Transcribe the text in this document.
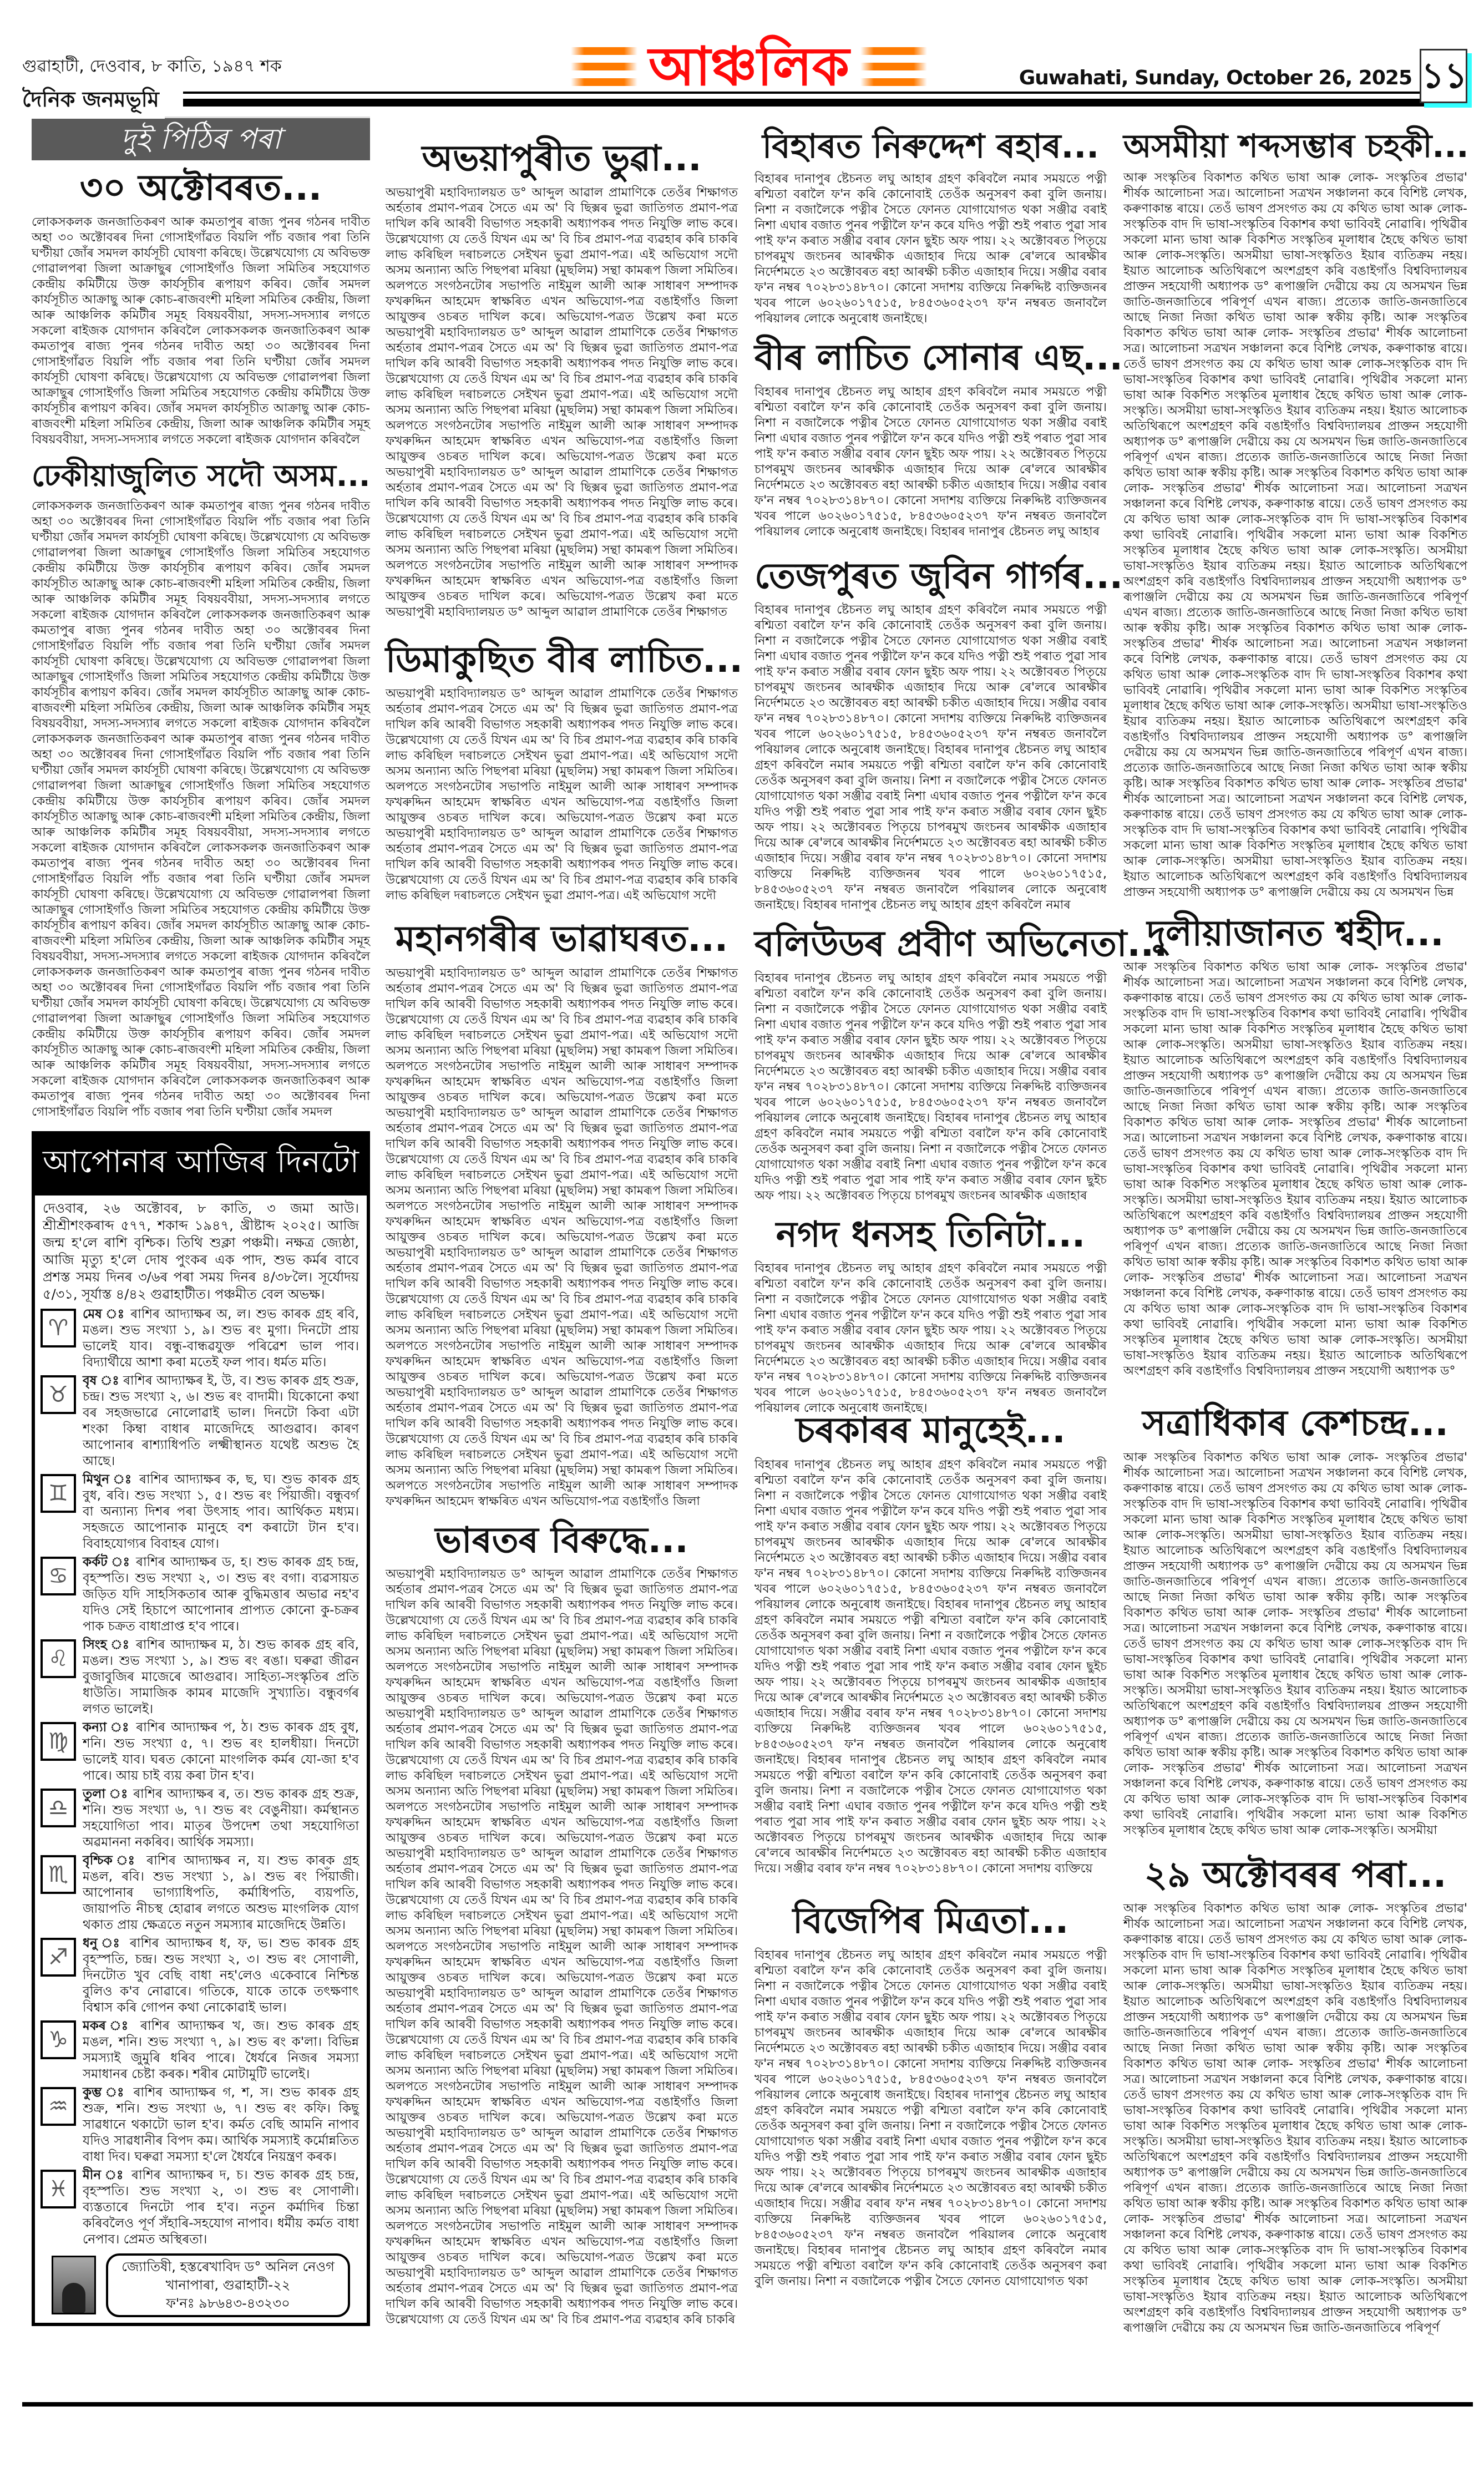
গুৱাহাটী, দেওবাৰ, ৮ কাতি, ১৯৪৭ শক
দৈনিক জনমভূমি
আঞ্চলিক	Guwahati, Sunday, October 26, 2025 ১১
দুই পিঠিৰ পৰা
৩০ অক্টোবৰত...
লোকসকলক জনজাতিকৰণ আৰু কমতাপুৰ ৰাজ্য পুনৰ গঠনৰ দাবীত অহা ৩০ অক্টোবৰৰ দিনা গোসাইগাঁৱত বিয়লি পাঁচ বজাৰ পৰা তিনি ঘণ্টীয়া জোঁৰ সমদল কাৰ্যসূচী ঘোষণা কৰিছে। উল্লেখযোগ্য যে অবিভক্ত গোৱালপৰা জিলা আক্ৰাছুৰ গোসাইগাঁও জিলা সমিতিৰ সহযোগত কেন্দ্ৰীয় কমিটীয়ে উক্ত কাৰ্যসূচীৰ ৰূপায়ণ কৰিব। জোঁৰ সমদল কাৰ্যসূচীত আক্ৰাছু আৰু কোচ-ৰাজবংশী মহিলা সমিতিৰ কেন্দ্ৰীয়, জিলা আৰু আঞ্চলিক কমিটীৰ সমূহ বিষয়ববীয়া, সদস্য-সদস্যাৰ লগতে সকলো ৰাইজক যোগদান কৰিবলৈ লোকসকলক জনজাতিকৰণ আৰু কমতাপুৰ ৰাজ্য পুনৰ গঠনৰ দাবীত অহা ৩০ অক্টোবৰৰ দিনা গোসাইগাঁৱত বিয়লি পাঁচ বজাৰ পৰা তিনি ঘণ্টীয়া জোঁৰ সমদল কাৰ্যসূচী ঘোষণা কৰিছে। উল্লেখযোগ্য যে অবিভক্ত গোৱালপৰা জিলা আক্ৰাছুৰ গোসাইগাঁও জিলা সমিতিৰ সহযোগত কেন্দ্ৰীয় কমিটীয়ে উক্ত কাৰ্যসূচীৰ ৰূপায়ণ কৰিব। জোঁৰ সমদল কাৰ্যসূচীত আক্ৰাছু আৰু কোচ-ৰাজবংশী মহিলা সমিতিৰ কেন্দ্ৰীয়, জিলা আৰু আঞ্চলিক কমিটীৰ সমূহ বিষয়ববীয়া, সদস্য-সদস্যাৰ লগতে সকলো ৰাইজক যোগদান কৰিবলৈ
ঢেকীয়াজুলিত সদৌ অসম...
লোকসকলক জনজাতিকৰণ আৰু কমতাপুৰ ৰাজ্য পুনৰ গঠনৰ দাবীত অহা ৩০ অক্টোবৰৰ দিনা গোসাইগাঁৱত বিয়লি পাঁচ বজাৰ পৰা তিনি ঘণ্টীয়া জোঁৰ সমদল কাৰ্যসূচী ঘোষণা কৰিছে। উল্লেখযোগ্য যে অবিভক্ত গোৱালপৰা জিলা আক্ৰাছুৰ গোসাইগাঁও জিলা সমিতিৰ সহযোগত কেন্দ্ৰীয় কমিটীয়ে উক্ত কাৰ্যসূচীৰ ৰূপায়ণ কৰিব। জোঁৰ সমদল কাৰ্যসূচীত আক্ৰাছু আৰু কোচ-ৰাজবংশী মহিলা সমিতিৰ কেন্দ্ৰীয়, জিলা আৰু আঞ্চলিক কমিটীৰ সমূহ বিষয়ববীয়া, সদস্য-সদস্যাৰ লগতে সকলো ৰাইজক যোগদান কৰিবলৈ লোকসকলক জনজাতিকৰণ আৰু কমতাপুৰ ৰাজ্য পুনৰ গঠনৰ দাবীত অহা ৩০ অক্টোবৰৰ দিনা গোসাইগাঁৱত বিয়লি পাঁচ বজাৰ পৰা তিনি ঘণ্টীয়া জোঁৰ সমদল কাৰ্যসূচী ঘোষণা কৰিছে। উল্লেখযোগ্য যে অবিভক্ত গোৱালপৰা জিলা আক্ৰাছুৰ গোসাইগাঁও জিলা সমিতিৰ সহযোগত কেন্দ্ৰীয় কমিটীয়ে উক্ত কাৰ্যসূচীৰ ৰূপায়ণ কৰিব। জোঁৰ সমদল কাৰ্যসূচীত আক্ৰাছু আৰু কোচ-ৰাজবংশী মহিলা সমিতিৰ কেন্দ্ৰীয়, জিলা আৰু আঞ্চলিক কমিটীৰ সমূহ বিষয়ববীয়া, সদস্য-সদস্যাৰ লগতে সকলো ৰাইজক যোগদান কৰিবলৈ লোকসকলক জনজাতিকৰণ আৰু কমতাপুৰ ৰাজ্য পুনৰ গঠনৰ দাবীত অহা ৩০ অক্টোবৰৰ দিনা গোসাইগাঁৱত বিয়লি পাঁচ বজাৰ পৰা তিনি ঘণ্টীয়া জোঁৰ সমদল কাৰ্যসূচী ঘোষণা কৰিছে। উল্লেখযোগ্য যে অবিভক্ত গোৱালপৰা জিলা আক্ৰাছুৰ গোসাইগাঁও জিলা সমিতিৰ সহযোগত কেন্দ্ৰীয় কমিটীয়ে উক্ত কাৰ্যসূচীৰ ৰূপায়ণ কৰিব। জোঁৰ সমদল কাৰ্যসূচীত আক্ৰাছু আৰু কোচ-ৰাজবংশী মহিলা সমিতিৰ কেন্দ্ৰীয়, জিলা আৰু আঞ্চলিক কমিটীৰ সমূহ বিষয়ববীয়া, সদস্য-সদস্যাৰ লগতে সকলো ৰাইজক যোগদান কৰিবলৈ লোকসকলক জনজাতিকৰণ আৰু কমতাপুৰ ৰাজ্য পুনৰ গঠনৰ দাবীত অহা ৩০ অক্টোবৰৰ দিনা গোসাইগাঁৱত বিয়লি পাঁচ বজাৰ পৰা তিনি ঘণ্টীয়া জোঁৰ সমদল কাৰ্যসূচী ঘোষণা কৰিছে। উল্লেখযোগ্য যে অবিভক্ত গোৱালপৰা জিলা আক্ৰাছুৰ গোসাইগাঁও জিলা সমিতিৰ সহযোগত কেন্দ্ৰীয় কমিটীয়ে উক্ত কাৰ্যসূচীৰ ৰূপায়ণ কৰিব। জোঁৰ সমদল কাৰ্যসূচীত আক্ৰাছু আৰু কোচ-ৰাজবংশী মহিলা সমিতিৰ কেন্দ্ৰীয়, জিলা আৰু আঞ্চলিক কমিটীৰ সমূহ বিষয়ববীয়া, সদস্য-সদস্যাৰ লগতে সকলো ৰাইজক যোগদান কৰিবলৈ লোকসকলক জনজাতিকৰণ আৰু কমতাপুৰ ৰাজ্য পুনৰ গঠনৰ দাবীত অহা ৩০ অক্টোবৰৰ দিনা গোসাইগাঁৱত বিয়লি পাঁচ বজাৰ পৰা তিনি ঘণ্টীয়া জোঁৰ সমদল কাৰ্যসূচী ঘোষণা কৰিছে। উল্লেখযোগ্য যে অবিভক্ত গোৱালপৰা জিলা আক্ৰাছুৰ গোসাইগাঁও জিলা সমিতিৰ সহযোগত কেন্দ্ৰীয় কমিটীয়ে উক্ত কাৰ্যসূচীৰ ৰূপায়ণ কৰিব। জোঁৰ সমদল কাৰ্যসূচীত আক্ৰাছু আৰু কোচ-ৰাজবংশী মহিলা সমিতিৰ কেন্দ্ৰীয়, জিলা আৰু আঞ্চলিক কমিটীৰ সমূহ বিষয়ববীয়া, সদস্য-সদস্যাৰ লগতে সকলো ৰাইজক যোগদান কৰিবলৈ লোকসকলক জনজাতিকৰণ আৰু কমতাপুৰ ৰাজ্য পুনৰ গঠনৰ দাবীত অহা ৩০ অক্টোবৰৰ দিনা গোসাইগাঁৱত বিয়লি পাঁচ বজাৰ পৰা তিনি ঘণ্টীয়া জোঁৰ সমদল
আপোনাৰ আজিৰ দিনটো
দেওবাৰ, ২৬ অক্টোবৰ, ৮ কাতি, ৩ জমা আউ। শ্ৰীশ্ৰীশংকৰাব্দ ৫৭৭, শকাব্দ ১৯৪৭, খ্ৰীষ্টাব্দ ২০২৫। আজি জন্ম হ'লে ৰাশি বৃশ্চিক। তিথি শুক্লা পঞ্চমী। নক্ষত্ৰ জ্যেষ্ঠা, আজি মৃত্যু হ'লে দোষ পুংকৰ এক পাদ, শুভ কৰ্মৰ বাবে প্ৰশস্ত সময় দিনৰ ৩/৬ৰ পৰা সময় দিনৰ ৪/৩৮লৈ। সূৰ্যোদয় ৫/৩১, সূৰ্যাস্ত ৪/৪২ গুৱাহাটীত। পঞ্চমীত বেল অভক্ষ।
♈
মেষ ঃ ৰাশিৰ আদ্যাক্ষৰ অ, ল। শুভ কাৰক গ্ৰহ ৰবি, মঙল। শুভ সংখ্যা ১, ৯। শুভ ৰং মুগা। দিনটো প্ৰায় ভালেই যাব। বন্ধু-বান্ধৱযুক্ত পৰিৱেশ ভাল পাব। বিদ্যাৰ্থীয়ে আশা কৰা মতেই ফল পাব। ধৰ্মত মতি।
♉
বৃষ ঃ ৰাশিৰ আদ্যাক্ষৰ ই, উ, ব। শুভ কাৰক গ্ৰহ শুক্ৰ, চন্দ্ৰ। শুভ সংখ্যা ২, ৬। শুভ ৰং বাদামী। যিকোনো কথা বৰ সহজভাৱে নোলোৱাই ভাল। দিনটো কিবা এটা শংকা কিম্বা বাধাৰ মাজেদিহে আগুৱাব। কাৰণ আপোনাৰ ৰাশ্যাধিপতি লক্ষ্মীস্থানত যথেষ্ট অশুভ হৈ আছে।
♊
মিথুন ঃ ৰাশিৰ আদ্যাক্ষৰ ক, ছ, ঘ। শুভ কাৰক গ্ৰহ বুধ, ৰবি। শুভ সংখ্যা ১, ৫। শুভ ৰং পিঁয়াজী। বন্ধুবৰ্গ বা অন্যান্য দিশৰ পৰা উৎসাহ পাব। আৰ্থিকত মধ্যম। সহজতে আপোনাক মানুহে বশ কৰাটো টান হ'ব। বিবাহযোগ্যৰ বিবাহৰ যোগ।
♋
কৰ্কট ঃ ৰাশিৰ আদ্যাক্ষৰ ড, হ। শুভ কাৰক গ্ৰহ চন্দ্ৰ, বৃহস্পতি। শুভ সংখ্যা ২, ৩। শুভ ৰং বগা। ব্যৱসায়ত জড়িত যদি সাহসিকতাৰ আৰু বুদ্ধিমত্তাৰ অভাৱ নহ'ব যদিও সেই হিচাপে আপোনাৰ প্ৰাপ্যত কোনো কু-চক্ৰৰ পাক চক্ৰত বাধাপ্ৰাপ্ত হ'ব পাৰে।
♌
সিংহ ঃ ৰাশিৰ আদ্যাক্ষৰ ম, ঠ। শুভ কাৰক গ্ৰহ ৰবি, মঙল। শুভ সংখ্যা ১, ৯। শুভ ৰং ৰঙা। ঘৰুৱা জীৱন বুজাবুজিৰ মাজেৰে আগুৱাব। সাহিত্য-সংস্কৃতিৰ প্ৰতি ধাউতি। সামাজিক কামৰ মাজেদি সুখ্যাতি। বন্ধুবৰ্গৰ লগত ভালেই।
♍
কন্যা ঃ ৰাশিৰ আদ্যাক্ষৰ প, ঠ। শুভ কাৰক গ্ৰহ বুধ, শনি। শুভ সংখ্যা ৫, ৭। শুভ ৰং হালধীয়া। দিনটো ভালেই যাব। ঘৰত কোনো মাংগলিক কৰ্মৰ যো-জা হ'ব পাৰে। আয় চাই ব্যয় কৰা টান হ'ব।
♎
তুলা ঃ ৰাশিৰ আদ্যাক্ষৰ ৰ, ত। শুভ কাৰক গ্ৰহ শুক্ৰ, শনি। শুভ সংখ্যা ৬, ৭। শুভ ৰং বেঙুনীয়া। কৰ্মস্থানত সহযোগিতা পাব। মাতৃৰ উপদেশ তথা সহযোগিতা অৱমাননা নকৰিব। আৰ্থিক সমস্যা।
♏
বৃশ্চিক ঃ ৰাশিৰ আদ্যাক্ষৰ ন, য। শুভ কাৰক গ্ৰহ মঙল, ৰবি। শুভ সংখ্যা ১, ৯। শুভ ৰং পিঁয়াজী। আপোনাৰ ভাগ্যাধিপতি, কৰ্মাধিপতি, ব্যয়পতি, জায়াপতি নীচস্থ হোৱাৰ লগতে অশুভ মাংগলিক যোগ থকাত প্ৰায় ক্ষেত্ৰতে নতুন সমস্যাৰ মাজেদিহে উন্নতি।
♐
ধনু ঃ ৰাশিৰ আদ্যাক্ষৰ ধ, ফ, ভ। শুভ কাৰক গ্ৰহ বৃহস্পতি, চন্দ্ৰ। শুভ সংখ্যা ২, ৩। শুভ ৰং সোণালী, দিনটোত খুব বেছি বাধা নহ'লেও একেবাৰে নিশ্চিন্ত বুলিও ক'ব নোৱাৰে। গতিকে, যাকে তাকে তৎক্ষণাৎ বিশ্বাস কৰি গোপন কথা নোকোৱাই ভাল।
♑
মকৰ ঃ ৰাশিৰ আদ্যাক্ষৰ খ, জ। শুভ কাৰক গ্ৰহ মঙল, শনি। শুভ সংখ্যা ৭, ৯। শুভ ৰং ক'লা। বিভিন্ন সমস্যাই জুমুৰি ধৰিব পাৰে। ধৈৰ্যৰে নিজৰ সমস্যা সমাধানৰ চেষ্টা কৰক। শৰীৰ মোটামুটি ভালেই।
♒
কুম্ভ ঃ ৰাশিৰ আদ্যাক্ষৰ গ, শ, স। শুভ কাৰক গ্ৰহ শুক্ৰ, শনি। শুভ সংখ্যা ৬, ৭। শুভ ৰং কফি। কিছু সাৱধানে থকাটো ভাল হ'ব। কৰ্মত বেছি আমনি নাপাব যদিও সাৱধানীৰ বিপদ কম। আৰ্থিক সমস্যাই কৰ্মোন্নতিত বাধা দিব। ঘৰুৱা সমস্যা হ'লে ধৈৰ্যৰে নিয়ন্ত্ৰণ কৰক।
♓
মীন ঃ ৰাশিৰ আদ্যাক্ষৰ দ, চ। শুভ কাৰক গ্ৰহ চন্দ্ৰ, বৃহস্পতি। শুভ সংখ্যা ২, ৩। শুভ ৰং সোণালী। ব্যস্ততাৰে দিনটো পাৰ হ'ব। নতুন কৰ্মাদিৰ চিন্তা কৰিবলৈও পূৰ্ণ সঁহাৰি-সহযোগ নাপাব। ধৰ্মীয় কৰ্মত বাধা নেপাব। প্ৰেমত অস্থিৰতা।
জ্যোতিষী, হস্তৰেখাবিদ ড° অনিল নেওগ
খানাপাৰা, গুৱাহাটী-২২
ফ'নঃ ৯৮৬৪৩-৪৩২৩০
অভয়াপুৰীত ভুৱা...
অভয়াপুৰী মহাবিদ্যালয়ত ড° আব্দুল আৱাল প্ৰামাণিকে তেওঁৰ শিক্ষাগত অৰ্হতাৰ প্ৰমাণ-পত্ৰৰ সৈতে এম অ' বি ছিক্সৰ ভুৱা জাতিগত প্ৰমাণ-পত্ৰ দাখিল কৰি আৰবী বিভাগত সহকাৰী অধ্যাপকৰ পদত নিযুক্তি লাভ কৰে। উল্লেখযোগ্য যে তেওঁ যিখন এম অ' বি চিৰ প্ৰমাণ-পত্ৰ ব্যৱহাৰ কৰি চাকৰি লাভ কৰিছিল দৰাচলতে সেইখন ভুৱা প্ৰমাণ-পত্ৰ। এই অভিযোগ সদৌ অসম অন্যান্য অতি পিছপৰা মৰিয়া (মুছলিম) সন্থা কামৰূপ জিলা সমিতিৰ। অলপতে সংগঠনটোৰ সভাপতি নাইমুল আলী আৰু সাধাৰণ সম্পাদক ফখৰুদ্দিন আহমেদ স্বাক্ষৰিত এখন অভিযোগ-পত্ৰ বঙাইগাঁও জিলা আয়ুক্তৰ ওচৰত দাখিল কৰে। অভিযোগ-পত্ৰত উল্লেখ কৰা মতে অভয়াপুৰী মহাবিদ্যালয়ত ড° আব্দুল আৱাল প্ৰামাণিকে তেওঁৰ শিক্ষাগত অৰ্হতাৰ প্ৰমাণ-পত্ৰৰ সৈতে এম অ' বি ছিক্সৰ ভুৱা জাতিগত প্ৰমাণ-পত্ৰ দাখিল কৰি আৰবী বিভাগত সহকাৰী অধ্যাপকৰ পদত নিযুক্তি লাভ কৰে। উল্লেখযোগ্য যে তেওঁ যিখন এম অ' বি চিৰ প্ৰমাণ-পত্ৰ ব্যৱহাৰ কৰি চাকৰি লাভ কৰিছিল দৰাচলতে সেইখন ভুৱা প্ৰমাণ-পত্ৰ। এই অভিযোগ সদৌ অসম অন্যান্য অতি পিছপৰা মৰিয়া (মুছলিম) সন্থা কামৰূপ জিলা সমিতিৰ। অলপতে সংগঠনটোৰ সভাপতি নাইমুল আলী আৰু সাধাৰণ সম্পাদক ফখৰুদ্দিন আহমেদ স্বাক্ষৰিত এখন অভিযোগ-পত্ৰ বঙাইগাঁও জিলা আয়ুক্তৰ ওচৰত দাখিল কৰে। অভিযোগ-পত্ৰত উল্লেখ কৰা মতে অভয়াপুৰী মহাবিদ্যালয়ত ড° আব্দুল আৱাল প্ৰামাণিকে তেওঁৰ শিক্ষাগত অৰ্হতাৰ প্ৰমাণ-পত্ৰৰ সৈতে এম অ' বি ছিক্সৰ ভুৱা জাতিগত প্ৰমাণ-পত্ৰ দাখিল কৰি আৰবী বিভাগত সহকাৰী অধ্যাপকৰ পদত নিযুক্তি লাভ কৰে। উল্লেখযোগ্য যে তেওঁ যিখন এম অ' বি চিৰ প্ৰমাণ-পত্ৰ ব্যৱহাৰ কৰি চাকৰি লাভ কৰিছিল দৰাচলতে সেইখন ভুৱা প্ৰমাণ-পত্ৰ। এই অভিযোগ সদৌ অসম অন্যান্য অতি পিছপৰা মৰিয়া (মুছলিম) সন্থা কামৰূপ জিলা সমিতিৰ। অলপতে সংগঠনটোৰ সভাপতি নাইমুল আলী আৰু সাধাৰণ সম্পাদক ফখৰুদ্দিন আহমেদ স্বাক্ষৰিত এখন অভিযোগ-পত্ৰ বঙাইগাঁও জিলা আয়ুক্তৰ ওচৰত দাখিল কৰে। অভিযোগ-পত্ৰত উল্লেখ কৰা মতে অভয়াপুৰী মহাবিদ্যালয়ত ড° আব্দুল আৱাল প্ৰামাণিকে তেওঁৰ শিক্ষাগত
ডিমাকুছিত বীৰ লাচিত...
অভয়াপুৰী মহাবিদ্যালয়ত ড° আব্দুল আৱাল প্ৰামাণিকে তেওঁৰ শিক্ষাগত অৰ্হতাৰ প্ৰমাণ-পত্ৰৰ সৈতে এম অ' বি ছিক্সৰ ভুৱা জাতিগত প্ৰমাণ-পত্ৰ দাখিল কৰি আৰবী বিভাগত সহকাৰী অধ্যাপকৰ পদত নিযুক্তি লাভ কৰে। উল্লেখযোগ্য যে তেওঁ যিখন এম অ' বি চিৰ প্ৰমাণ-পত্ৰ ব্যৱহাৰ কৰি চাকৰি লাভ কৰিছিল দৰাচলতে সেইখন ভুৱা প্ৰমাণ-পত্ৰ। এই অভিযোগ সদৌ অসম অন্যান্য অতি পিছপৰা মৰিয়া (মুছলিম) সন্থা কামৰূপ জিলা সমিতিৰ। অলপতে সংগঠনটোৰ সভাপতি নাইমুল আলী আৰু সাধাৰণ সম্পাদক ফখৰুদ্দিন আহমেদ স্বাক্ষৰিত এখন অভিযোগ-পত্ৰ বঙাইগাঁও জিলা আয়ুক্তৰ ওচৰত দাখিল কৰে। অভিযোগ-পত্ৰত উল্লেখ কৰা মতে অভয়াপুৰী মহাবিদ্যালয়ত ড° আব্দুল আৱাল প্ৰামাণিকে তেওঁৰ শিক্ষাগত অৰ্হতাৰ প্ৰমাণ-পত্ৰৰ সৈতে এম অ' বি ছিক্সৰ ভুৱা জাতিগত প্ৰমাণ-পত্ৰ দাখিল কৰি আৰবী বিভাগত সহকাৰী অধ্যাপকৰ পদত নিযুক্তি লাভ কৰে। উল্লেখযোগ্য যে তেওঁ যিখন এম অ' বি চিৰ প্ৰমাণ-পত্ৰ ব্যৱহাৰ কৰি চাকৰি লাভ কৰিছিল দৰাচলতে সেইখন ভুৱা প্ৰমাণ-পত্ৰ। এই অভিযোগ সদৌ
মহানগৰীৰ ভাৱাঘৰত...
অভয়াপুৰী মহাবিদ্যালয়ত ড° আব্দুল আৱাল প্ৰামাণিকে তেওঁৰ শিক্ষাগত অৰ্হতাৰ প্ৰমাণ-পত্ৰৰ সৈতে এম অ' বি ছিক্সৰ ভুৱা জাতিগত প্ৰমাণ-পত্ৰ দাখিল কৰি আৰবী বিভাগত সহকাৰী অধ্যাপকৰ পদত নিযুক্তি লাভ কৰে। উল্লেখযোগ্য যে তেওঁ যিখন এম অ' বি চিৰ প্ৰমাণ-পত্ৰ ব্যৱহাৰ কৰি চাকৰি লাভ কৰিছিল দৰাচলতে সেইখন ভুৱা প্ৰমাণ-পত্ৰ। এই অভিযোগ সদৌ অসম অন্যান্য অতি পিছপৰা মৰিয়া (মুছলিম) সন্থা কামৰূপ জিলা সমিতিৰ। অলপতে সংগঠনটোৰ সভাপতি নাইমুল আলী আৰু সাধাৰণ সম্পাদক ফখৰুদ্দিন আহমেদ স্বাক্ষৰিত এখন অভিযোগ-পত্ৰ বঙাইগাঁও জিলা আয়ুক্তৰ ওচৰত দাখিল কৰে। অভিযোগ-পত্ৰত উল্লেখ কৰা মতে অভয়াপুৰী মহাবিদ্যালয়ত ড° আব্দুল আৱাল প্ৰামাণিকে তেওঁৰ শিক্ষাগত অৰ্হতাৰ প্ৰমাণ-পত্ৰৰ সৈতে এম অ' বি ছিক্সৰ ভুৱা জাতিগত প্ৰমাণ-পত্ৰ দাখিল কৰি আৰবী বিভাগত সহকাৰী অধ্যাপকৰ পদত নিযুক্তি লাভ কৰে। উল্লেখযোগ্য যে তেওঁ যিখন এম অ' বি চিৰ প্ৰমাণ-পত্ৰ ব্যৱহাৰ কৰি চাকৰি লাভ কৰিছিল দৰাচলতে সেইখন ভুৱা প্ৰমাণ-পত্ৰ। এই অভিযোগ সদৌ অসম অন্যান্য অতি পিছপৰা মৰিয়া (মুছলিম) সন্থা কামৰূপ জিলা সমিতিৰ। অলপতে সংগঠনটোৰ সভাপতি নাইমুল আলী আৰু সাধাৰণ সম্পাদক ফখৰুদ্দিন আহমেদ স্বাক্ষৰিত এখন অভিযোগ-পত্ৰ বঙাইগাঁও জিলা আয়ুক্তৰ ওচৰত দাখিল কৰে। অভিযোগ-পত্ৰত উল্লেখ কৰা মতে অভয়াপুৰী মহাবিদ্যালয়ত ড° আব্দুল আৱাল প্ৰামাণিকে তেওঁৰ শিক্ষাগত অৰ্হতাৰ প্ৰমাণ-পত্ৰৰ সৈতে এম অ' বি ছিক্সৰ ভুৱা জাতিগত প্ৰমাণ-পত্ৰ দাখিল কৰি আৰবী বিভাগত সহকাৰী অধ্যাপকৰ পদত নিযুক্তি লাভ কৰে। উল্লেখযোগ্য যে তেওঁ যিখন এম অ' বি চিৰ প্ৰমাণ-পত্ৰ ব্যৱহাৰ কৰি চাকৰি লাভ কৰিছিল দৰাচলতে সেইখন ভুৱা প্ৰমাণ-পত্ৰ। এই অভিযোগ সদৌ অসম অন্যান্য অতি পিছপৰা মৰিয়া (মুছলিম) সন্থা কামৰূপ জিলা সমিতিৰ। অলপতে সংগঠনটোৰ সভাপতি নাইমুল আলী আৰু সাধাৰণ সম্পাদক ফখৰুদ্দিন আহমেদ স্বাক্ষৰিত এখন অভিযোগ-পত্ৰ বঙাইগাঁও জিলা আয়ুক্তৰ ওচৰত দাখিল কৰে। অভিযোগ-পত্ৰত উল্লেখ কৰা মতে অভয়াপুৰী মহাবিদ্যালয়ত ড° আব্দুল আৱাল প্ৰামাণিকে তেওঁৰ শিক্ষাগত অৰ্হতাৰ প্ৰমাণ-পত্ৰৰ সৈতে এম অ' বি ছিক্সৰ ভুৱা জাতিগত প্ৰমাণ-পত্ৰ দাখিল কৰি আৰবী বিভাগত সহকাৰী অধ্যাপকৰ পদত নিযুক্তি লাভ কৰে। উল্লেখযোগ্য যে তেওঁ যিখন এম অ' বি চিৰ প্ৰমাণ-পত্ৰ ব্যৱহাৰ কৰি চাকৰি লাভ কৰিছিল দৰাচলতে সেইখন ভুৱা প্ৰমাণ-পত্ৰ। এই অভিযোগ সদৌ অসম অন্যান্য অতি পিছপৰা মৰিয়া (মুছলিম) সন্থা কামৰূপ জিলা সমিতিৰ। অলপতে সংগঠনটোৰ সভাপতি নাইমুল আলী আৰু সাধাৰণ সম্পাদক ফখৰুদ্দিন আহমেদ স্বাক্ষৰিত এখন অভিযোগ-পত্ৰ বঙাইগাঁও জিলা
ভাৰতৰ বিৰুদ্ধে...
অভয়াপুৰী মহাবিদ্যালয়ত ড° আব্দুল আৱাল প্ৰামাণিকে তেওঁৰ শিক্ষাগত অৰ্হতাৰ প্ৰমাণ-পত্ৰৰ সৈতে এম অ' বি ছিক্সৰ ভুৱা জাতিগত প্ৰমাণ-পত্ৰ দাখিল কৰি আৰবী বিভাগত সহকাৰী অধ্যাপকৰ পদত নিযুক্তি লাভ কৰে। উল্লেখযোগ্য যে তেওঁ যিখন এম অ' বি চিৰ প্ৰমাণ-পত্ৰ ব্যৱহাৰ কৰি চাকৰি লাভ কৰিছিল দৰাচলতে সেইখন ভুৱা প্ৰমাণ-পত্ৰ। এই অভিযোগ সদৌ অসম অন্যান্য অতি পিছপৰা মৰিয়া (মুছলিম) সন্থা কামৰূপ জিলা সমিতিৰ। অলপতে সংগঠনটোৰ সভাপতি নাইমুল আলী আৰু সাধাৰণ সম্পাদক ফখৰুদ্দিন আহমেদ স্বাক্ষৰিত এখন অভিযোগ-পত্ৰ বঙাইগাঁও জিলা আয়ুক্তৰ ওচৰত দাখিল কৰে। অভিযোগ-পত্ৰত উল্লেখ কৰা মতে অভয়াপুৰী মহাবিদ্যালয়ত ড° আব্দুল আৱাল প্ৰামাণিকে তেওঁৰ শিক্ষাগত অৰ্হতাৰ প্ৰমাণ-পত্ৰৰ সৈতে এম অ' বি ছিক্সৰ ভুৱা জাতিগত প্ৰমাণ-পত্ৰ দাখিল কৰি আৰবী বিভাগত সহকাৰী অধ্যাপকৰ পদত নিযুক্তি লাভ কৰে। উল্লেখযোগ্য যে তেওঁ যিখন এম অ' বি চিৰ প্ৰমাণ-পত্ৰ ব্যৱহাৰ কৰি চাকৰি লাভ কৰিছিল দৰাচলতে সেইখন ভুৱা প্ৰমাণ-পত্ৰ। এই অভিযোগ সদৌ অসম অন্যান্য অতি পিছপৰা মৰিয়া (মুছলিম) সন্থা কামৰূপ জিলা সমিতিৰ। অলপতে সংগঠনটোৰ সভাপতি নাইমুল আলী আৰু সাধাৰণ সম্পাদক ফখৰুদ্দিন আহমেদ স্বাক্ষৰিত এখন অভিযোগ-পত্ৰ বঙাইগাঁও জিলা আয়ুক্তৰ ওচৰত দাখিল কৰে। অভিযোগ-পত্ৰত উল্লেখ কৰা মতে অভয়াপুৰী মহাবিদ্যালয়ত ড° আব্দুল আৱাল প্ৰামাণিকে তেওঁৰ শিক্ষাগত অৰ্হতাৰ প্ৰমাণ-পত্ৰৰ সৈতে এম অ' বি ছিক্সৰ ভুৱা জাতিগত প্ৰমাণ-পত্ৰ দাখিল কৰি আৰবী বিভাগত সহকাৰী অধ্যাপকৰ পদত নিযুক্তি লাভ কৰে। উল্লেখযোগ্য যে তেওঁ যিখন এম অ' বি চিৰ প্ৰমাণ-পত্ৰ ব্যৱহাৰ কৰি চাকৰি লাভ কৰিছিল দৰাচলতে সেইখন ভুৱা প্ৰমাণ-পত্ৰ। এই অভিযোগ সদৌ অসম অন্যান্য অতি পিছপৰা মৰিয়া (মুছলিম) সন্থা কামৰূপ জিলা সমিতিৰ। অলপতে সংগঠনটোৰ সভাপতি নাইমুল আলী আৰু সাধাৰণ সম্পাদক ফখৰুদ্দিন আহমেদ স্বাক্ষৰিত এখন অভিযোগ-পত্ৰ বঙাইগাঁও জিলা আয়ুক্তৰ ওচৰত দাখিল কৰে। অভিযোগ-পত্ৰত উল্লেখ কৰা মতে অভয়াপুৰী মহাবিদ্যালয়ত ড° আব্দুল আৱাল প্ৰামাণিকে তেওঁৰ শিক্ষাগত অৰ্হতাৰ প্ৰমাণ-পত্ৰৰ সৈতে এম অ' বি ছিক্সৰ ভুৱা জাতিগত প্ৰমাণ-পত্ৰ দাখিল কৰি আৰবী বিভাগত সহকাৰী অধ্যাপকৰ পদত নিযুক্তি লাভ কৰে। উল্লেখযোগ্য যে তেওঁ যিখন এম অ' বি চিৰ প্ৰমাণ-পত্ৰ ব্যৱহাৰ কৰি চাকৰি লাভ কৰিছিল দৰাচলতে সেইখন ভুৱা প্ৰমাণ-পত্ৰ। এই অভিযোগ সদৌ অসম অন্যান্য অতি পিছপৰা মৰিয়া (মুছলিম) সন্থা কামৰূপ জিলা সমিতিৰ। অলপতে সংগঠনটোৰ সভাপতি নাইমুল আলী আৰু সাধাৰণ সম্পাদক ফখৰুদ্দিন আহমেদ স্বাক্ষৰিত এখন অভিযোগ-পত্ৰ বঙাইগাঁও জিলা আয়ুক্তৰ ওচৰত দাখিল কৰে। অভিযোগ-পত্ৰত উল্লেখ কৰা মতে অভয়াপুৰী মহাবিদ্যালয়ত ড° আব্দুল আৱাল প্ৰামাণিকে তেওঁৰ শিক্ষাগত অৰ্হতাৰ প্ৰমাণ-পত্ৰৰ সৈতে এম অ' বি ছিক্সৰ ভুৱা জাতিগত প্ৰমাণ-পত্ৰ দাখিল কৰি আৰবী বিভাগত সহকাৰী অধ্যাপকৰ পদত নিযুক্তি লাভ কৰে। উল্লেখযোগ্য যে তেওঁ যিখন এম অ' বি চিৰ প্ৰমাণ-পত্ৰ ব্যৱহাৰ কৰি চাকৰি লাভ কৰিছিল দৰাচলতে সেইখন ভুৱা প্ৰমাণ-পত্ৰ। এই অভিযোগ সদৌ অসম অন্যান্য অতি পিছপৰা মৰিয়া (মুছলিম) সন্থা কামৰূপ জিলা সমিতিৰ। অলপতে সংগঠনটোৰ সভাপতি নাইমুল আলী আৰু সাধাৰণ সম্পাদক ফখৰুদ্দিন আহমেদ স্বাক্ষৰিত এখন অভিযোগ-পত্ৰ বঙাইগাঁও জিলা আয়ুক্তৰ ওচৰত দাখিল কৰে। অভিযোগ-পত্ৰত উল্লেখ কৰা মতে অভয়াপুৰী মহাবিদ্যালয়ত ড° আব্দুল আৱাল প্ৰামাণিকে তেওঁৰ শিক্ষাগত অৰ্হতাৰ প্ৰমাণ-পত্ৰৰ সৈতে এম অ' বি ছিক্সৰ ভুৱা জাতিগত প্ৰমাণ-পত্ৰ দাখিল কৰি আৰবী বিভাগত সহকাৰী অধ্যাপকৰ পদত নিযুক্তি লাভ কৰে। উল্লেখযোগ্য যে তেওঁ যিখন এম অ' বি চিৰ প্ৰমাণ-পত্ৰ ব্যৱহাৰ কৰি চাকৰি
বিহাৰত নিৰুদ্দেশ ৰহাৰ...
বিহাৰৰ দানাপুৰ ষ্টেচনত লঘু আহাৰ গ্ৰহণ কৰিবলৈ নমাৰ সময়তে পত্নী ৰশ্মিতা বৰালৈ ফ'ন কৰি কোনোবাই তেওঁক অনুসৰণ কৰা বুলি জনায়। নিশা ন বজালৈকে পত্নীৰ সৈতে ফোনত যোগাযোগত থকা সঞ্জীৱ বৰাই নিশা এঘাৰ বজাত পুনৰ পত্নীলৈ ফ'ন কৰে যদিও পত্নী শুই পৰাত পুৱা সাৰ পাই ফ'ন কৰাত সঞ্জীৱ বৰাৰ ফোন ছুইচ অফ পায়। ২২ অক্টোবৰত পিতৃয়ে চাপৰমুখ জংচনৰ আৰক্ষীক এজাহাৰ দিয়ে আৰু ৰে'লৰে আৰক্ষীৰ নিৰ্দেশমতে ২৩ অক্টোবৰত ৰহা আৰক্ষী চকীত এজাহাৰ দিয়ে। সঞ্জীৱ বৰাৰ ফ'ন নম্বৰ ৭০২৮৩১৪৮৭০। কোনো সদাশয় ব্যক্তিয়ে নিৰুদ্দিষ্ট ব্যক্তিজনৰ খবৰ পালে ৬০২৬০১৭৫১৫, ৮৪৫৩৬০৫২৩৭ ফ'ন নম্বৰত জনাবলৈ পৰিয়ালৰ লোকে অনুৰোধ জনাইছে।
বীৰ লাচিত সোনাৰ এছ...
বিহাৰৰ দানাপুৰ ষ্টেচনত লঘু আহাৰ গ্ৰহণ কৰিবলৈ নমাৰ সময়তে পত্নী ৰশ্মিতা বৰালৈ ফ'ন কৰি কোনোবাই তেওঁক অনুসৰণ কৰা বুলি জনায়। নিশা ন বজালৈকে পত্নীৰ সৈতে ফোনত যোগাযোগত থকা সঞ্জীৱ বৰাই নিশা এঘাৰ বজাত পুনৰ পত্নীলৈ ফ'ন কৰে যদিও পত্নী শুই পৰাত পুৱা সাৰ পাই ফ'ন কৰাত সঞ্জীৱ বৰাৰ ফোন ছুইচ অফ পায়। ২২ অক্টোবৰত পিতৃয়ে চাপৰমুখ জংচনৰ আৰক্ষীক এজাহাৰ দিয়ে আৰু ৰে'লৰে আৰক্ষীৰ নিৰ্দেশমতে ২৩ অক্টোবৰত ৰহা আৰক্ষী চকীত এজাহাৰ দিয়ে। সঞ্জীৱ বৰাৰ ফ'ন নম্বৰ ৭০২৮৩১৪৮৭০। কোনো সদাশয় ব্যক্তিয়ে নিৰুদ্দিষ্ট ব্যক্তিজনৰ খবৰ পালে ৬০২৬০১৭৫১৫, ৮৪৫৩৬০৫২৩৭ ফ'ন নম্বৰত জনাবলৈ পৰিয়ালৰ লোকে অনুৰোধ জনাইছে। বিহাৰৰ দানাপুৰ ষ্টেচনত লঘু আহাৰ
তেজপুৰত জুবিন গাৰ্গৰ...
বিহাৰৰ দানাপুৰ ষ্টেচনত লঘু আহাৰ গ্ৰহণ কৰিবলৈ নমাৰ সময়তে পত্নী ৰশ্মিতা বৰালৈ ফ'ন কৰি কোনোবাই তেওঁক অনুসৰণ কৰা বুলি জনায়। নিশা ন বজালৈকে পত্নীৰ সৈতে ফোনত যোগাযোগত থকা সঞ্জীৱ বৰাই নিশা এঘাৰ বজাত পুনৰ পত্নীলৈ ফ'ন কৰে যদিও পত্নী শুই পৰাত পুৱা সাৰ পাই ফ'ন কৰাত সঞ্জীৱ বৰাৰ ফোন ছুইচ অফ পায়। ২২ অক্টোবৰত পিতৃয়ে চাপৰমুখ জংচনৰ আৰক্ষীক এজাহাৰ দিয়ে আৰু ৰে'লৰে আৰক্ষীৰ নিৰ্দেশমতে ২৩ অক্টোবৰত ৰহা আৰক্ষী চকীত এজাহাৰ দিয়ে। সঞ্জীৱ বৰাৰ ফ'ন নম্বৰ ৭০২৮৩১৪৮৭০। কোনো সদাশয় ব্যক্তিয়ে নিৰুদ্দিষ্ট ব্যক্তিজনৰ খবৰ পালে ৬০২৬০১৭৫১৫, ৮৪৫৩৬০৫২৩৭ ফ'ন নম্বৰত জনাবলৈ পৰিয়ালৰ লোকে অনুৰোধ জনাইছে। বিহাৰৰ দানাপুৰ ষ্টেচনত লঘু আহাৰ গ্ৰহণ কৰিবলৈ নমাৰ সময়তে পত্নী ৰশ্মিতা বৰালৈ ফ'ন কৰি কোনোবাই তেওঁক অনুসৰণ কৰা বুলি জনায়। নিশা ন বজালৈকে পত্নীৰ সৈতে ফোনত যোগাযোগত থকা সঞ্জীৱ বৰাই নিশা এঘাৰ বজাত পুনৰ পত্নীলৈ ফ'ন কৰে যদিও পত্নী শুই পৰাত পুৱা সাৰ পাই ফ'ন কৰাত সঞ্জীৱ বৰাৰ ফোন ছুইচ অফ পায়। ২২ অক্টোবৰত পিতৃয়ে চাপৰমুখ জংচনৰ আৰক্ষীক এজাহাৰ দিয়ে আৰু ৰে'লৰে আৰক্ষীৰ নিৰ্দেশমতে ২৩ অক্টোবৰত ৰহা আৰক্ষী চকীত এজাহাৰ দিয়ে। সঞ্জীৱ বৰাৰ ফ'ন নম্বৰ ৭০২৮৩১৪৮৭০। কোনো সদাশয় ব্যক্তিয়ে নিৰুদ্দিষ্ট ব্যক্তিজনৰ খবৰ পালে ৬০২৬০১৭৫১৫, ৮৪৫৩৬০৫২৩৭ ফ'ন নম্বৰত জনাবলৈ পৰিয়ালৰ লোকে অনুৰোধ জনাইছে। বিহাৰৰ দানাপুৰ ষ্টেচনত লঘু আহাৰ গ্ৰহণ কৰিবলৈ নমাৰ
বলিউডৰ প্ৰবীণ অভিনেতা...
বিহাৰৰ দানাপুৰ ষ্টেচনত লঘু আহাৰ গ্ৰহণ কৰিবলৈ নমাৰ সময়তে পত্নী ৰশ্মিতা বৰালৈ ফ'ন কৰি কোনোবাই তেওঁক অনুসৰণ কৰা বুলি জনায়। নিশা ন বজালৈকে পত্নীৰ সৈতে ফোনত যোগাযোগত থকা সঞ্জীৱ বৰাই নিশা এঘাৰ বজাত পুনৰ পত্নীলৈ ফ'ন কৰে যদিও পত্নী শুই পৰাত পুৱা সাৰ পাই ফ'ন কৰাত সঞ্জীৱ বৰাৰ ফোন ছুইচ অফ পায়। ২২ অক্টোবৰত পিতৃয়ে চাপৰমুখ জংচনৰ আৰক্ষীক এজাহাৰ দিয়ে আৰু ৰে'লৰে আৰক্ষীৰ নিৰ্দেশমতে ২৩ অক্টোবৰত ৰহা আৰক্ষী চকীত এজাহাৰ দিয়ে। সঞ্জীৱ বৰাৰ ফ'ন নম্বৰ ৭০২৮৩১৪৮৭০। কোনো সদাশয় ব্যক্তিয়ে নিৰুদ্দিষ্ট ব্যক্তিজনৰ খবৰ পালে ৬০২৬০১৭৫১৫, ৮৪৫৩৬০৫২৩৭ ফ'ন নম্বৰত জনাবলৈ পৰিয়ালৰ লোকে অনুৰোধ জনাইছে। বিহাৰৰ দানাপুৰ ষ্টেচনত লঘু আহাৰ গ্ৰহণ কৰিবলৈ নমাৰ সময়তে পত্নী ৰশ্মিতা বৰালৈ ফ'ন কৰি কোনোবাই তেওঁক অনুসৰণ কৰা বুলি জনায়। নিশা ন বজালৈকে পত্নীৰ সৈতে ফোনত যোগাযোগত থকা সঞ্জীৱ বৰাই নিশা এঘাৰ বজাত পুনৰ পত্নীলৈ ফ'ন কৰে যদিও পত্নী শুই পৰাত পুৱা সাৰ পাই ফ'ন কৰাত সঞ্জীৱ বৰাৰ ফোন ছুইচ অফ পায়। ২২ অক্টোবৰত পিতৃয়ে চাপৰমুখ জংচনৰ আৰক্ষীক এজাহাৰ
নগদ ধনসহ তিনিটা...
বিহাৰৰ দানাপুৰ ষ্টেচনত লঘু আহাৰ গ্ৰহণ কৰিবলৈ নমাৰ সময়তে পত্নী ৰশ্মিতা বৰালৈ ফ'ন কৰি কোনোবাই তেওঁক অনুসৰণ কৰা বুলি জনায়। নিশা ন বজালৈকে পত্নীৰ সৈতে ফোনত যোগাযোগত থকা সঞ্জীৱ বৰাই নিশা এঘাৰ বজাত পুনৰ পত্নীলৈ ফ'ন কৰে যদিও পত্নী শুই পৰাত পুৱা সাৰ পাই ফ'ন কৰাত সঞ্জীৱ বৰাৰ ফোন ছুইচ অফ পায়। ২২ অক্টোবৰত পিতৃয়ে চাপৰমুখ জংচনৰ আৰক্ষীক এজাহাৰ দিয়ে আৰু ৰে'লৰে আৰক্ষীৰ নিৰ্দেশমতে ২৩ অক্টোবৰত ৰহা আৰক্ষী চকীত এজাহাৰ দিয়ে। সঞ্জীৱ বৰাৰ ফ'ন নম্বৰ ৭০২৮৩১৪৮৭০। কোনো সদাশয় ব্যক্তিয়ে নিৰুদ্দিষ্ট ব্যক্তিজনৰ খবৰ পালে ৬০২৬০১৭৫১৫, ৮৪৫৩৬০৫২৩৭ ফ'ন নম্বৰত জনাবলৈ পৰিয়ালৰ লোকে অনুৰোধ জনাইছে।
চৰকাৰৰ মানুহেই...
বিহাৰৰ দানাপুৰ ষ্টেচনত লঘু আহাৰ গ্ৰহণ কৰিবলৈ নমাৰ সময়তে পত্নী ৰশ্মিতা বৰালৈ ফ'ন কৰি কোনোবাই তেওঁক অনুসৰণ কৰা বুলি জনায়। নিশা ন বজালৈকে পত্নীৰ সৈতে ফোনত যোগাযোগত থকা সঞ্জীৱ বৰাই নিশা এঘাৰ বজাত পুনৰ পত্নীলৈ ফ'ন কৰে যদিও পত্নী শুই পৰাত পুৱা সাৰ পাই ফ'ন কৰাত সঞ্জীৱ বৰাৰ ফোন ছুইচ অফ পায়। ২২ অক্টোবৰত পিতৃয়ে চাপৰমুখ জংচনৰ আৰক্ষীক এজাহাৰ দিয়ে আৰু ৰে'লৰে আৰক্ষীৰ নিৰ্দেশমতে ২৩ অক্টোবৰত ৰহা আৰক্ষী চকীত এজাহাৰ দিয়ে। সঞ্জীৱ বৰাৰ ফ'ন নম্বৰ ৭০২৮৩১৪৮৭০। কোনো সদাশয় ব্যক্তিয়ে নিৰুদ্দিষ্ট ব্যক্তিজনৰ খবৰ পালে ৬০২৬০১৭৫১৫, ৮৪৫৩৬০৫২৩৭ ফ'ন নম্বৰত জনাবলৈ পৰিয়ালৰ লোকে অনুৰোধ জনাইছে। বিহাৰৰ দানাপুৰ ষ্টেচনত লঘু আহাৰ গ্ৰহণ কৰিবলৈ নমাৰ সময়তে পত্নী ৰশ্মিতা বৰালৈ ফ'ন কৰি কোনোবাই তেওঁক অনুসৰণ কৰা বুলি জনায়। নিশা ন বজালৈকে পত্নীৰ সৈতে ফোনত যোগাযোগত থকা সঞ্জীৱ বৰাই নিশা এঘাৰ বজাত পুনৰ পত্নীলৈ ফ'ন কৰে যদিও পত্নী শুই পৰাত পুৱা সাৰ পাই ফ'ন কৰাত সঞ্জীৱ বৰাৰ ফোন ছুইচ অফ পায়। ২২ অক্টোবৰত পিতৃয়ে চাপৰমুখ জংচনৰ আৰক্ষীক এজাহাৰ দিয়ে আৰু ৰে'লৰে আৰক্ষীৰ নিৰ্দেশমতে ২৩ অক্টোবৰত ৰহা আৰক্ষী চকীত এজাহাৰ দিয়ে। সঞ্জীৱ বৰাৰ ফ'ন নম্বৰ ৭০২৮৩১৪৮৭০। কোনো সদাশয় ব্যক্তিয়ে নিৰুদ্দিষ্ট ব্যক্তিজনৰ খবৰ পালে ৬০২৬০১৭৫১৫, ৮৪৫৩৬০৫২৩৭ ফ'ন নম্বৰত জনাবলৈ পৰিয়ালৰ লোকে অনুৰোধ জনাইছে। বিহাৰৰ দানাপুৰ ষ্টেচনত লঘু আহাৰ গ্ৰহণ কৰিবলৈ নমাৰ সময়তে পত্নী ৰশ্মিতা বৰালৈ ফ'ন কৰি কোনোবাই তেওঁক অনুসৰণ কৰা বুলি জনায়। নিশা ন বজালৈকে পত্নীৰ সৈতে ফোনত যোগাযোগত থকা সঞ্জীৱ বৰাই নিশা এঘাৰ বজাত পুনৰ পত্নীলৈ ফ'ন কৰে যদিও পত্নী শুই পৰাত পুৱা সাৰ পাই ফ'ন কৰাত সঞ্জীৱ বৰাৰ ফোন ছুইচ অফ পায়। ২২ অক্টোবৰত পিতৃয়ে চাপৰমুখ জংচনৰ আৰক্ষীক এজাহাৰ দিয়ে আৰু ৰে'লৰে আৰক্ষীৰ নিৰ্দেশমতে ২৩ অক্টোবৰত ৰহা আৰক্ষী চকীত এজাহাৰ দিয়ে। সঞ্জীৱ বৰাৰ ফ'ন নম্বৰ ৭০২৮৩১৪৮৭০। কোনো সদাশয় ব্যক্তিয়ে
বিজেপিৰ মিত্ৰতা...
বিহাৰৰ দানাপুৰ ষ্টেচনত লঘু আহাৰ গ্ৰহণ কৰিবলৈ নমাৰ সময়তে পত্নী ৰশ্মিতা বৰালৈ ফ'ন কৰি কোনোবাই তেওঁক অনুসৰণ কৰা বুলি জনায়। নিশা ন বজালৈকে পত্নীৰ সৈতে ফোনত যোগাযোগত থকা সঞ্জীৱ বৰাই নিশা এঘাৰ বজাত পুনৰ পত্নীলৈ ফ'ন কৰে যদিও পত্নী শুই পৰাত পুৱা সাৰ পাই ফ'ন কৰাত সঞ্জীৱ বৰাৰ ফোন ছুইচ অফ পায়। ২২ অক্টোবৰত পিতৃয়ে চাপৰমুখ জংচনৰ আৰক্ষীক এজাহাৰ দিয়ে আৰু ৰে'লৰে আৰক্ষীৰ নিৰ্দেশমতে ২৩ অক্টোবৰত ৰহা আৰক্ষী চকীত এজাহাৰ দিয়ে। সঞ্জীৱ বৰাৰ ফ'ন নম্বৰ ৭০২৮৩১৪৮৭০। কোনো সদাশয় ব্যক্তিয়ে নিৰুদ্দিষ্ট ব্যক্তিজনৰ খবৰ পালে ৬০২৬০১৭৫১৫, ৮৪৫৩৬০৫২৩৭ ফ'ন নম্বৰত জনাবলৈ পৰিয়ালৰ লোকে অনুৰোধ জনাইছে। বিহাৰৰ দানাপুৰ ষ্টেচনত লঘু আহাৰ গ্ৰহণ কৰিবলৈ নমাৰ সময়তে পত্নী ৰশ্মিতা বৰালৈ ফ'ন কৰি কোনোবাই তেওঁক অনুসৰণ কৰা বুলি জনায়। নিশা ন বজালৈকে পত্নীৰ সৈতে ফোনত যোগাযোগত থকা সঞ্জীৱ বৰাই নিশা এঘাৰ বজাত পুনৰ পত্নীলৈ ফ'ন কৰে যদিও পত্নী শুই পৰাত পুৱা সাৰ পাই ফ'ন কৰাত সঞ্জীৱ বৰাৰ ফোন ছুইচ অফ পায়। ২২ অক্টোবৰত পিতৃয়ে চাপৰমুখ জংচনৰ আৰক্ষীক এজাহাৰ দিয়ে আৰু ৰে'লৰে আৰক্ষীৰ নিৰ্দেশমতে ২৩ অক্টোবৰত ৰহা আৰক্ষী চকীত এজাহাৰ দিয়ে। সঞ্জীৱ বৰাৰ ফ'ন নম্বৰ ৭০২৮৩১৪৮৭০। কোনো সদাশয় ব্যক্তিয়ে নিৰুদ্দিষ্ট ব্যক্তিজনৰ খবৰ পালে ৬০২৬০১৭৫১৫, ৮৪৫৩৬০৫২৩৭ ফ'ন নম্বৰত জনাবলৈ পৰিয়ালৰ লোকে অনুৰোধ জনাইছে। বিহাৰৰ দানাপুৰ ষ্টেচনত লঘু আহাৰ গ্ৰহণ কৰিবলৈ নমাৰ সময়তে পত্নী ৰশ্মিতা বৰালৈ ফ'ন কৰি কোনোবাই তেওঁক অনুসৰণ কৰা বুলি জনায়। নিশা ন বজালৈকে পত্নীৰ সৈতে ফোনত যোগাযোগত থকা
অসমীয়া শব্দসম্ভাৰ চহকী...
আৰু সংস্কৃতিৰ বিকাশত কথিত ভাষা আৰু লোক- সংস্কৃতিৰ প্ৰভাৱ' শীৰ্ষক আলোচনা সত্ৰ। আলোচনা সত্ৰখন সঞ্চালনা কৰে বিশিষ্ট লেখক, কৰুণাকান্ত ৰায়ে। তেওঁ ভাষণ প্ৰসংগত কয় যে কথিত ভাষা আৰু লোক-সংস্কৃতিক বাদ দি ভাষা-সংস্কৃতিৰ বিকাশৰ কথা ভাবিবই নোৱাৰি। পৃথিৱীৰ সকলো মান্য ভাষা আৰু বিকশিত সংস্কৃতিৰ মূলাধাৰ হৈছে কথিত ভাষা আৰু লোক-সংস্কৃতি। অসমীয়া ভাষা-সংস্কৃতিও ইয়াৰ ব্যতিক্ৰম নহয়। ইয়াত আলোচক অতিথিৰূপে অংশগ্ৰহণ কৰি বঙাইগাঁও বিশ্ববিদ্যালয়ৰ প্ৰাক্তন সহযোগী অধ্যাপক ড° ৰূপাঞ্জলি দেৱীয়ে কয় যে অসমখন ভিন্ন জাতি-জনজাতিৰে পৰিপূৰ্ণ এখন ৰাজ্য। প্ৰত্যেক জাতি-জনজাতিৰে আছে নিজা নিজা কথিত ভাষা আৰু স্বকীয় কৃষ্টি। আৰু সংস্কৃতিৰ বিকাশত কথিত ভাষা আৰু লোক- সংস্কৃতিৰ প্ৰভাৱ' শীৰ্ষক আলোচনা সত্ৰ। আলোচনা সত্ৰখন সঞ্চালনা কৰে বিশিষ্ট লেখক, কৰুণাকান্ত ৰায়ে। তেওঁ ভাষণ প্ৰসংগত কয় যে কথিত ভাষা আৰু লোক-সংস্কৃতিক বাদ দি ভাষা-সংস্কৃতিৰ বিকাশৰ কথা ভাবিবই নোৱাৰি। পৃথিৱীৰ সকলো মান্য ভাষা আৰু বিকশিত সংস্কৃতিৰ মূলাধাৰ হৈছে কথিত ভাষা আৰু লোক-সংস্কৃতি। অসমীয়া ভাষা-সংস্কৃতিও ইয়াৰ ব্যতিক্ৰম নহয়। ইয়াত আলোচক অতিথিৰূপে অংশগ্ৰহণ কৰি বঙাইগাঁও বিশ্ববিদ্যালয়ৰ প্ৰাক্তন সহযোগী অধ্যাপক ড° ৰূপাঞ্জলি দেৱীয়ে কয় যে অসমখন ভিন্ন জাতি-জনজাতিৰে পৰিপূৰ্ণ এখন ৰাজ্য। প্ৰত্যেক জাতি-জনজাতিৰে আছে নিজা নিজা কথিত ভাষা আৰু স্বকীয় কৃষ্টি। আৰু সংস্কৃতিৰ বিকাশত কথিত ভাষা আৰু লোক- সংস্কৃতিৰ প্ৰভাৱ' শীৰ্ষক আলোচনা সত্ৰ। আলোচনা সত্ৰখন সঞ্চালনা কৰে বিশিষ্ট লেখক, কৰুণাকান্ত ৰায়ে। তেওঁ ভাষণ প্ৰসংগত কয় যে কথিত ভাষা আৰু লোক-সংস্কৃতিক বাদ দি ভাষা-সংস্কৃতিৰ বিকাশৰ কথা ভাবিবই নোৱাৰি। পৃথিৱীৰ সকলো মান্য ভাষা আৰু বিকশিত সংস্কৃতিৰ মূলাধাৰ হৈছে কথিত ভাষা আৰু লোক-সংস্কৃতি। অসমীয়া ভাষা-সংস্কৃতিও ইয়াৰ ব্যতিক্ৰম নহয়। ইয়াত আলোচক অতিথিৰূপে অংশগ্ৰহণ কৰি বঙাইগাঁও বিশ্ববিদ্যালয়ৰ প্ৰাক্তন সহযোগী অধ্যাপক ড° ৰূপাঞ্জলি দেৱীয়ে কয় যে অসমখন ভিন্ন জাতি-জনজাতিৰে পৰিপূৰ্ণ এখন ৰাজ্য। প্ৰত্যেক জাতি-জনজাতিৰে আছে নিজা নিজা কথিত ভাষা আৰু স্বকীয় কৃষ্টি। আৰু সংস্কৃতিৰ বিকাশত কথিত ভাষা আৰু লোক- সংস্কৃতিৰ প্ৰভাৱ' শীৰ্ষক আলোচনা সত্ৰ। আলোচনা সত্ৰখন সঞ্চালনা কৰে বিশিষ্ট লেখক, কৰুণাকান্ত ৰায়ে। তেওঁ ভাষণ প্ৰসংগত কয় যে কথিত ভাষা আৰু লোক-সংস্কৃতিক বাদ দি ভাষা-সংস্কৃতিৰ বিকাশৰ কথা ভাবিবই নোৱাৰি। পৃথিৱীৰ সকলো মান্য ভাষা আৰু বিকশিত সংস্কৃতিৰ মূলাধাৰ হৈছে কথিত ভাষা আৰু লোক-সংস্কৃতি। অসমীয়া ভাষা-সংস্কৃতিও ইয়াৰ ব্যতিক্ৰম নহয়। ইয়াত আলোচক অতিথিৰূপে অংশগ্ৰহণ কৰি বঙাইগাঁও বিশ্ববিদ্যালয়ৰ প্ৰাক্তন সহযোগী অধ্যাপক ড° ৰূপাঞ্জলি দেৱীয়ে কয় যে অসমখন ভিন্ন জাতি-জনজাতিৰে পৰিপূৰ্ণ এখন ৰাজ্য। প্ৰত্যেক জাতি-জনজাতিৰে আছে নিজা নিজা কথিত ভাষা আৰু স্বকীয় কৃষ্টি। আৰু সংস্কৃতিৰ বিকাশত কথিত ভাষা আৰু লোক- সংস্কৃতিৰ প্ৰভাৱ' শীৰ্ষক আলোচনা সত্ৰ। আলোচনা সত্ৰখন সঞ্চালনা কৰে বিশিষ্ট লেখক, কৰুণাকান্ত ৰায়ে। তেওঁ ভাষণ প্ৰসংগত কয় যে কথিত ভাষা আৰু লোক-সংস্কৃতিক বাদ দি ভাষা-সংস্কৃতিৰ বিকাশৰ কথা ভাবিবই নোৱাৰি। পৃথিৱীৰ সকলো মান্য ভাষা আৰু বিকশিত সংস্কৃতিৰ মূলাধাৰ হৈছে কথিত ভাষা আৰু লোক-সংস্কৃতি। অসমীয়া ভাষা-সংস্কৃতিও ইয়াৰ ব্যতিক্ৰম নহয়। ইয়াত আলোচক অতিথিৰূপে অংশগ্ৰহণ কৰি বঙাইগাঁও বিশ্ববিদ্যালয়ৰ প্ৰাক্তন সহযোগী অধ্যাপক ড° ৰূপাঞ্জলি দেৱীয়ে কয় যে অসমখন ভিন্ন
দুলীয়াজানত শ্বহীদ...
আৰু সংস্কৃতিৰ বিকাশত কথিত ভাষা আৰু লোক- সংস্কৃতিৰ প্ৰভাৱ' শীৰ্ষক আলোচনা সত্ৰ। আলোচনা সত্ৰখন সঞ্চালনা কৰে বিশিষ্ট লেখক, কৰুণাকান্ত ৰায়ে। তেওঁ ভাষণ প্ৰসংগত কয় যে কথিত ভাষা আৰু লোক-সংস্কৃতিক বাদ দি ভাষা-সংস্কৃতিৰ বিকাশৰ কথা ভাবিবই নোৱাৰি। পৃথিৱীৰ সকলো মান্য ভাষা আৰু বিকশিত সংস্কৃতিৰ মূলাধাৰ হৈছে কথিত ভাষা আৰু লোক-সংস্কৃতি। অসমীয়া ভাষা-সংস্কৃতিও ইয়াৰ ব্যতিক্ৰম নহয়। ইয়াত আলোচক অতিথিৰূপে অংশগ্ৰহণ কৰি বঙাইগাঁও বিশ্ববিদ্যালয়ৰ প্ৰাক্তন সহযোগী অধ্যাপক ড° ৰূপাঞ্জলি দেৱীয়ে কয় যে অসমখন ভিন্ন জাতি-জনজাতিৰে পৰিপূৰ্ণ এখন ৰাজ্য। প্ৰত্যেক জাতি-জনজাতিৰে আছে নিজা নিজা কথিত ভাষা আৰু স্বকীয় কৃষ্টি। আৰু সংস্কৃতিৰ বিকাশত কথিত ভাষা আৰু লোক- সংস্কৃতিৰ প্ৰভাৱ' শীৰ্ষক আলোচনা সত্ৰ। আলোচনা সত্ৰখন সঞ্চালনা কৰে বিশিষ্ট লেখক, কৰুণাকান্ত ৰায়ে। তেওঁ ভাষণ প্ৰসংগত কয় যে কথিত ভাষা আৰু লোক-সংস্কৃতিক বাদ দি ভাষা-সংস্কৃতিৰ বিকাশৰ কথা ভাবিবই নোৱাৰি। পৃথিৱীৰ সকলো মান্য ভাষা আৰু বিকশিত সংস্কৃতিৰ মূলাধাৰ হৈছে কথিত ভাষা আৰু লোক-সংস্কৃতি। অসমীয়া ভাষা-সংস্কৃতিও ইয়াৰ ব্যতিক্ৰম নহয়। ইয়াত আলোচক অতিথিৰূপে অংশগ্ৰহণ কৰি বঙাইগাঁও বিশ্ববিদ্যালয়ৰ প্ৰাক্তন সহযোগী অধ্যাপক ড° ৰূপাঞ্জলি দেৱীয়ে কয় যে অসমখন ভিন্ন জাতি-জনজাতিৰে পৰিপূৰ্ণ এখন ৰাজ্য। প্ৰত্যেক জাতি-জনজাতিৰে আছে নিজা নিজা কথিত ভাষা আৰু স্বকীয় কৃষ্টি। আৰু সংস্কৃতিৰ বিকাশত কথিত ভাষা আৰু লোক- সংস্কৃতিৰ প্ৰভাৱ' শীৰ্ষক আলোচনা সত্ৰ। আলোচনা সত্ৰখন সঞ্চালনা কৰে বিশিষ্ট লেখক, কৰুণাকান্ত ৰায়ে। তেওঁ ভাষণ প্ৰসংগত কয় যে কথিত ভাষা আৰু লোক-সংস্কৃতিক বাদ দি ভাষা-সংস্কৃতিৰ বিকাশৰ কথা ভাবিবই নোৱাৰি। পৃথিৱীৰ সকলো মান্য ভাষা আৰু বিকশিত সংস্কৃতিৰ মূলাধাৰ হৈছে কথিত ভাষা আৰু লোক-সংস্কৃতি। অসমীয়া ভাষা-সংস্কৃতিও ইয়াৰ ব্যতিক্ৰম নহয়। ইয়াত আলোচক অতিথিৰূপে অংশগ্ৰহণ কৰি বঙাইগাঁও বিশ্ববিদ্যালয়ৰ প্ৰাক্তন সহযোগী অধ্যাপক ড°
সত্ৰাধিকাৰ কেশচন্দ্ৰ...
আৰু সংস্কৃতিৰ বিকাশত কথিত ভাষা আৰু লোক- সংস্কৃতিৰ প্ৰভাৱ' শীৰ্ষক আলোচনা সত্ৰ। আলোচনা সত্ৰখন সঞ্চালনা কৰে বিশিষ্ট লেখক, কৰুণাকান্ত ৰায়ে। তেওঁ ভাষণ প্ৰসংগত কয় যে কথিত ভাষা আৰু লোক-সংস্কৃতিক বাদ দি ভাষা-সংস্কৃতিৰ বিকাশৰ কথা ভাবিবই নোৱাৰি। পৃথিৱীৰ সকলো মান্য ভাষা আৰু বিকশিত সংস্কৃতিৰ মূলাধাৰ হৈছে কথিত ভাষা আৰু লোক-সংস্কৃতি। অসমীয়া ভাষা-সংস্কৃতিও ইয়াৰ ব্যতিক্ৰম নহয়। ইয়াত আলোচক অতিথিৰূপে অংশগ্ৰহণ কৰি বঙাইগাঁও বিশ্ববিদ্যালয়ৰ প্ৰাক্তন সহযোগী অধ্যাপক ড° ৰূপাঞ্জলি দেৱীয়ে কয় যে অসমখন ভিন্ন জাতি-জনজাতিৰে পৰিপূৰ্ণ এখন ৰাজ্য। প্ৰত্যেক জাতি-জনজাতিৰে আছে নিজা নিজা কথিত ভাষা আৰু স্বকীয় কৃষ্টি। আৰু সংস্কৃতিৰ বিকাশত কথিত ভাষা আৰু লোক- সংস্কৃতিৰ প্ৰভাৱ' শীৰ্ষক আলোচনা সত্ৰ। আলোচনা সত্ৰখন সঞ্চালনা কৰে বিশিষ্ট লেখক, কৰুণাকান্ত ৰায়ে। তেওঁ ভাষণ প্ৰসংগত কয় যে কথিত ভাষা আৰু লোক-সংস্কৃতিক বাদ দি ভাষা-সংস্কৃতিৰ বিকাশৰ কথা ভাবিবই নোৱাৰি। পৃথিৱীৰ সকলো মান্য ভাষা আৰু বিকশিত সংস্কৃতিৰ মূলাধাৰ হৈছে কথিত ভাষা আৰু লোক-সংস্কৃতি। অসমীয়া ভাষা-সংস্কৃতিও ইয়াৰ ব্যতিক্ৰম নহয়। ইয়াত আলোচক অতিথিৰূপে অংশগ্ৰহণ কৰি বঙাইগাঁও বিশ্ববিদ্যালয়ৰ প্ৰাক্তন সহযোগী অধ্যাপক ড° ৰূপাঞ্জলি দেৱীয়ে কয় যে অসমখন ভিন্ন জাতি-জনজাতিৰে পৰিপূৰ্ণ এখন ৰাজ্য। প্ৰত্যেক জাতি-জনজাতিৰে আছে নিজা নিজা কথিত ভাষা আৰু স্বকীয় কৃষ্টি। আৰু সংস্কৃতিৰ বিকাশত কথিত ভাষা আৰু লোক- সংস্কৃতিৰ প্ৰভাৱ' শীৰ্ষক আলোচনা সত্ৰ। আলোচনা সত্ৰখন সঞ্চালনা কৰে বিশিষ্ট লেখক, কৰুণাকান্ত ৰায়ে। তেওঁ ভাষণ প্ৰসংগত কয় যে কথিত ভাষা আৰু লোক-সংস্কৃতিক বাদ দি ভাষা-সংস্কৃতিৰ বিকাশৰ কথা ভাবিবই নোৱাৰি। পৃথিৱীৰ সকলো মান্য ভাষা আৰু বিকশিত সংস্কৃতিৰ মূলাধাৰ হৈছে কথিত ভাষা আৰু লোক-সংস্কৃতি। অসমীয়া
২৯ অক্টোবৰৰ পৰা...
আৰু সংস্কৃতিৰ বিকাশত কথিত ভাষা আৰু লোক- সংস্কৃতিৰ প্ৰভাৱ' শীৰ্ষক আলোচনা সত্ৰ। আলোচনা সত্ৰখন সঞ্চালনা কৰে বিশিষ্ট লেখক, কৰুণাকান্ত ৰায়ে। তেওঁ ভাষণ প্ৰসংগত কয় যে কথিত ভাষা আৰু লোক-সংস্কৃতিক বাদ দি ভাষা-সংস্কৃতিৰ বিকাশৰ কথা ভাবিবই নোৱাৰি। পৃথিৱীৰ সকলো মান্য ভাষা আৰু বিকশিত সংস্কৃতিৰ মূলাধাৰ হৈছে কথিত ভাষা আৰু লোক-সংস্কৃতি। অসমীয়া ভাষা-সংস্কৃতিও ইয়াৰ ব্যতিক্ৰম নহয়। ইয়াত আলোচক অতিথিৰূপে অংশগ্ৰহণ কৰি বঙাইগাঁও বিশ্ববিদ্যালয়ৰ প্ৰাক্তন সহযোগী অধ্যাপক ড° ৰূপাঞ্জলি দেৱীয়ে কয় যে অসমখন ভিন্ন জাতি-জনজাতিৰে পৰিপূৰ্ণ এখন ৰাজ্য। প্ৰত্যেক জাতি-জনজাতিৰে আছে নিজা নিজা কথিত ভাষা আৰু স্বকীয় কৃষ্টি। আৰু সংস্কৃতিৰ বিকাশত কথিত ভাষা আৰু লোক- সংস্কৃতিৰ প্ৰভাৱ' শীৰ্ষক আলোচনা সত্ৰ। আলোচনা সত্ৰখন সঞ্চালনা কৰে বিশিষ্ট লেখক, কৰুণাকান্ত ৰায়ে। তেওঁ ভাষণ প্ৰসংগত কয় যে কথিত ভাষা আৰু লোক-সংস্কৃতিক বাদ দি ভাষা-সংস্কৃতিৰ বিকাশৰ কথা ভাবিবই নোৱাৰি। পৃথিৱীৰ সকলো মান্য ভাষা আৰু বিকশিত সংস্কৃতিৰ মূলাধাৰ হৈছে কথিত ভাষা আৰু লোক-সংস্কৃতি। অসমীয়া ভাষা-সংস্কৃতিও ইয়াৰ ব্যতিক্ৰম নহয়। ইয়াত আলোচক অতিথিৰূপে অংশগ্ৰহণ কৰি বঙাইগাঁও বিশ্ববিদ্যালয়ৰ প্ৰাক্তন সহযোগী অধ্যাপক ড° ৰূপাঞ্জলি দেৱীয়ে কয় যে অসমখন ভিন্ন জাতি-জনজাতিৰে পৰিপূৰ্ণ এখন ৰাজ্য। প্ৰত্যেক জাতি-জনজাতিৰে আছে নিজা নিজা কথিত ভাষা আৰু স্বকীয় কৃষ্টি। আৰু সংস্কৃতিৰ বিকাশত কথিত ভাষা আৰু লোক- সংস্কৃতিৰ প্ৰভাৱ' শীৰ্ষক আলোচনা সত্ৰ। আলোচনা সত্ৰখন সঞ্চালনা কৰে বিশিষ্ট লেখক, কৰুণাকান্ত ৰায়ে। তেওঁ ভাষণ প্ৰসংগত কয় যে কথিত ভাষা আৰু লোক-সংস্কৃতিক বাদ দি ভাষা-সংস্কৃতিৰ বিকাশৰ কথা ভাবিবই নোৱাৰি। পৃথিৱীৰ সকলো মান্য ভাষা আৰু বিকশিত সংস্কৃতিৰ মূলাধাৰ হৈছে কথিত ভাষা আৰু লোক-সংস্কৃতি। অসমীয়া ভাষা-সংস্কৃতিও ইয়াৰ ব্যতিক্ৰম নহয়। ইয়াত আলোচক অতিথিৰূপে অংশগ্ৰহণ কৰি বঙাইগাঁও বিশ্ববিদ্যালয়ৰ প্ৰাক্তন সহযোগী অধ্যাপক ড° ৰূপাঞ্জলি দেৱীয়ে কয় যে অসমখন ভিন্ন জাতি-জনজাতিৰে পৰিপূৰ্ণ
